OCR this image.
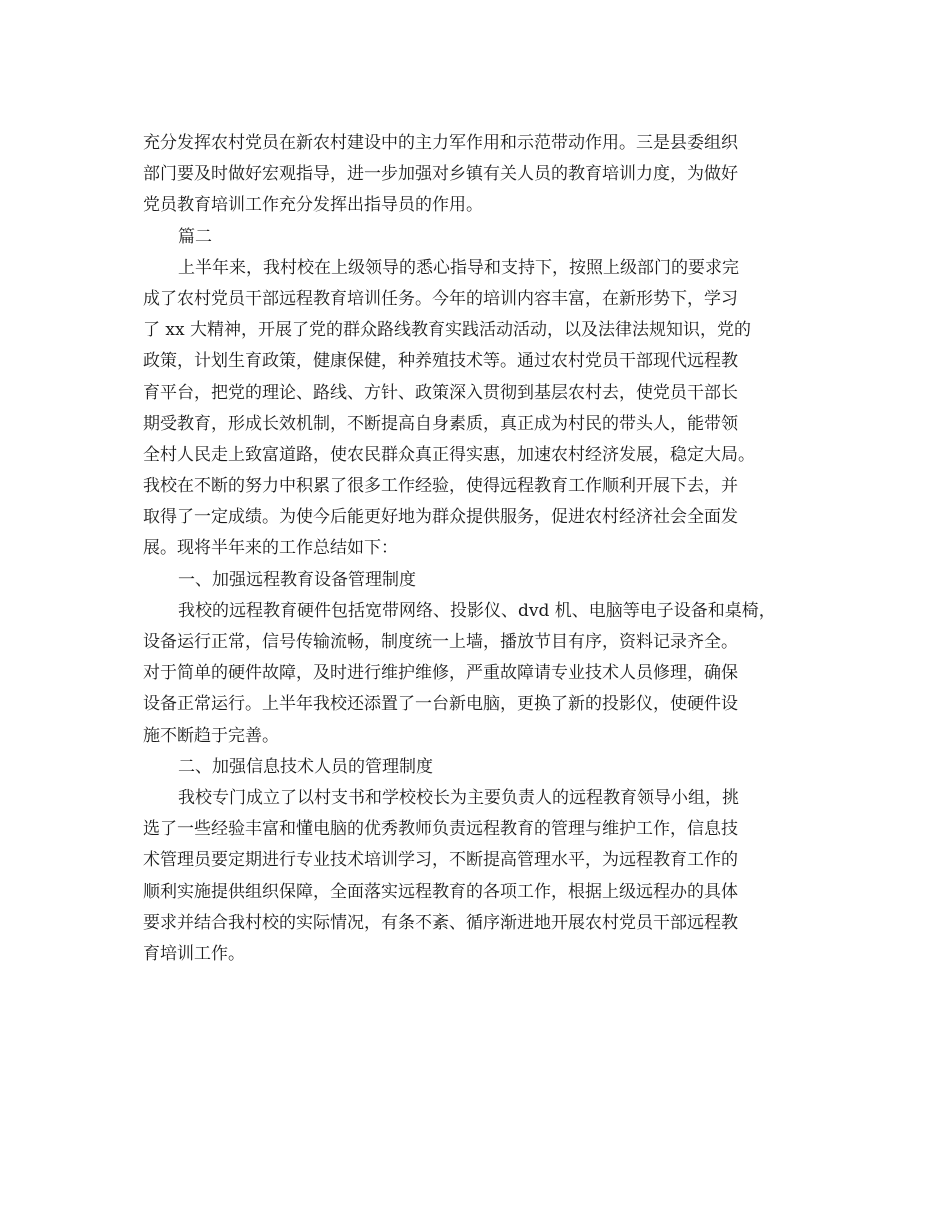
充分发挥农村党员在新农村建设中的主力军作用和示范带动作用。三是县委组织
部门要及时做好宏观指导，进一步加强对乡镇有关人员的教育培训力度，为做好
党员教育培训工作充分发挥出指导员的作用。
篇二
上半年来，我村校在上级领导的悉心指导和支持下，按照上级部门的要求完
成了农村党员干部远程教育培训任务。今年的培训内容丰富，在新形势下，学习
了 xx 大精神，开展了党的群众路线教育实践活动活动，以及法律法规知识，党的
政策，计划生育政策，健康保健，种养殖技术等。通过农村党员干部现代远程教
育平台，把党的理论、路线、方针、政策深入贯彻到基层农村去，使党员干部长
期受教育，形成长效机制，不断提高自身素质，真正成为村民的带头人，能带领
全村人民走上致富道路，使农民群众真正得实惠，加速农村经济发展，稳定大局。
我校在不断的努力中积累了很多工作经验，使得远程教育工作顺利开展下去，并
取得了一定成绩。为使今后能更好地为群众提供服务，促进农村经济社会全面发
展。现将半年来的工作总结如下：
一、加强远程教育设备管理制度
我校的远程教育硬件包括宽带网络、投影仪、dvd 机、电脑等电子设备和桌椅，
设备运行正常，信号传输流畅，制度统一上墙，播放节目有序，资料记录齐全。
对于简单的硬件故障，及时进行维护维修，严重故障请专业技术人员修理，确保
设备正常运行。上半年我校还添置了一台新电脑，更换了新的投影仪，使硬件设
施不断趋于完善。
二、加强信息技术人员的管理制度
我校专门成立了以村支书和学校校长为主要负责人的远程教育领导小组，挑
选了一些经验丰富和懂电脑的优秀教师负责远程教育的管理与维护工作，信息技
术管理员要定期进行专业技术培训学习，不断提高管理水平，为远程教育工作的
顺利实施提供组织保障，全面落实远程教育的各项工作，根据上级远程办的具体
要求并结合我村校的实际情况，有条不紊、循序渐进地开展农村党员干部远程教
育培训工作。
